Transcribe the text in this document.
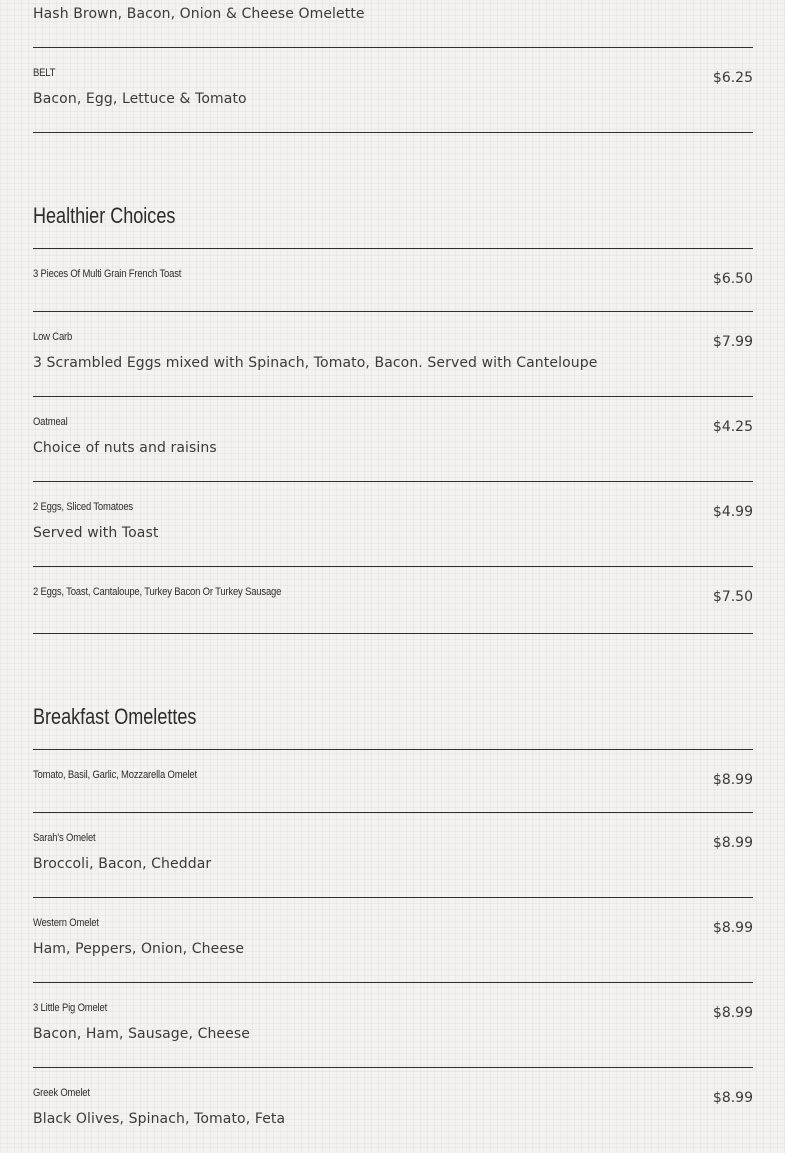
Hash Brown, Bacon, Onion & Cheese Omelette
BELT
Bacon, Egg, Lettuce & Tomato
$6.25
Healthier Choices
3 Pieces Of Multi Grain French Toast	$6.50
Low Carb
3 Scrambled Eggs mixed with Spinach, Tomato, Bacon. Served with Canteloupe
$7.99
Oatmeal
Choice of nuts and raisins
$4.25
2 Eggs, Sliced Tomatoes
Served with Toast
$4.99
2 Eggs, Toast, Cantaloupe, Turkey Bacon Or Turkey Sausage	$7.50
Breakfast Omelettes
Tomato, Basil, Garlic, Mozzarella Omelet	$8.99
Sarah's Omelet
Broccoli, Bacon, Cheddar
$8.99
Western Omelet
Ham, Peppers, Onion, Cheese
$8.99
3 Little Pig Omelet
Bacon, Ham, Sausage, Cheese
$8.99
Greek Omelet
Black Olives, Spinach, Tomato, Feta
$8.99
